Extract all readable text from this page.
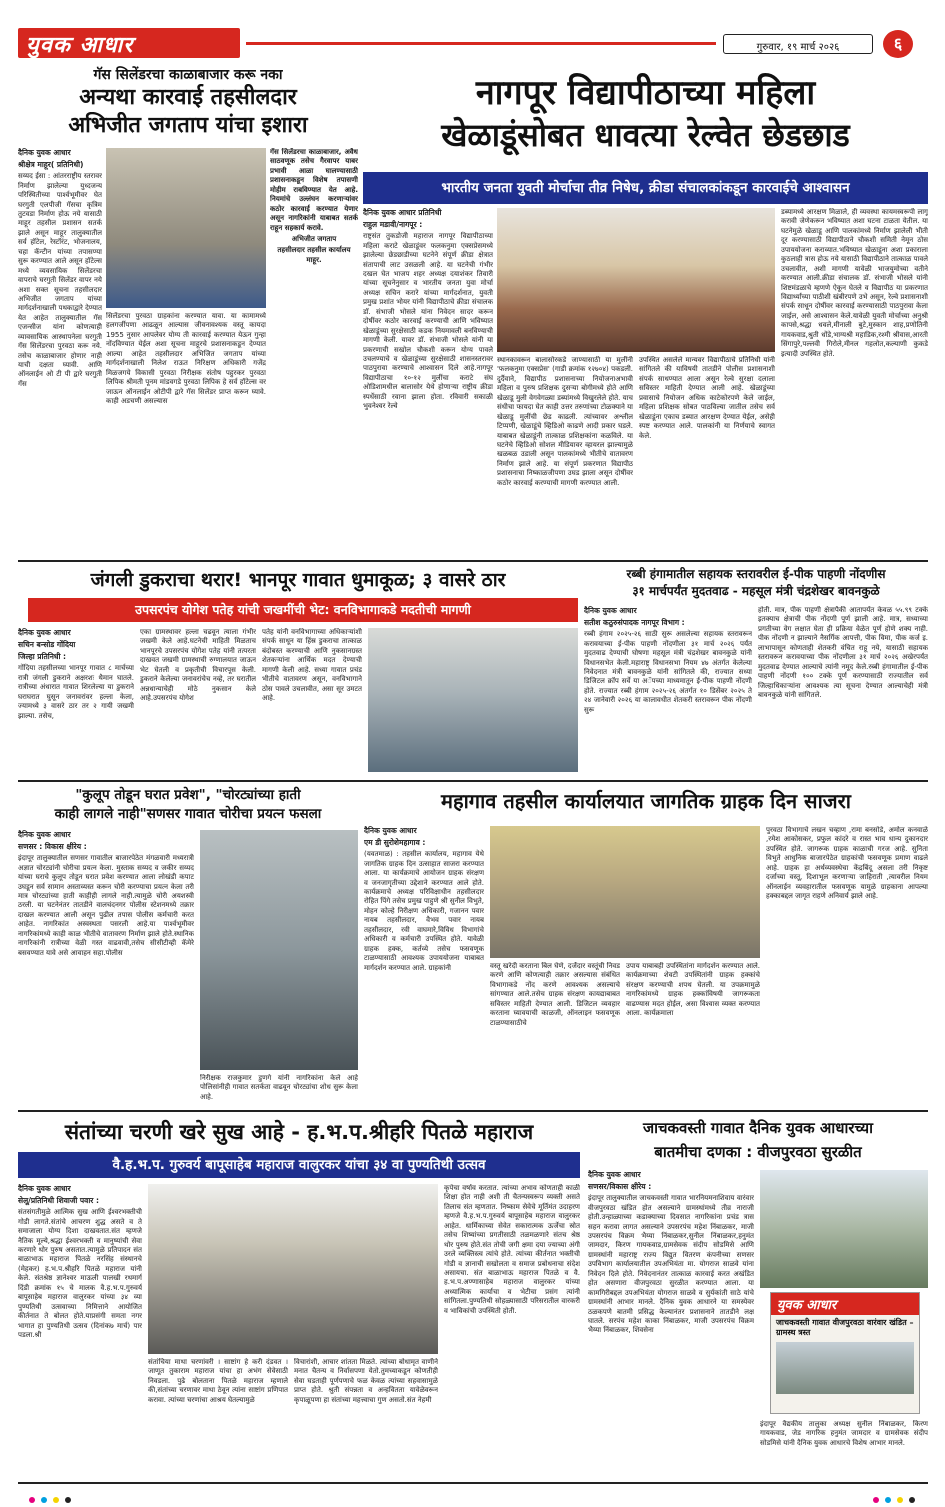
युवक आधार	गुरुवार, १९ मार्च २०२६	६
गॅस सिलेंडरचा काळाबाजार करू नका
अन्यथा कारवाई तहसीलदार
अभिजीत जगताप यांचा इशारा
दैनिक युवक आधार
श्रीक्षेत्र माहूर( प्रतिनिधी)

सय्यद ईसा : आंतरराष्ट्रीय स्तरावर निर्माण झालेल्या युध्दजन्य परिस्थितीच्या पार्श्वभूमीवर घेत घरगुती एलपीजी गॅसचा कृत्रिम तुटवडा निर्माण होऊ नये यासाठी माहूर तहसील प्रशासन सतर्क झाले असून माहूर तालुक्यातील सर्व हॉटेल, रेस्टॉरंट, भोजनालय, चहा कॅन्टीन यांच्या तपासण्या सुरू करण्यात आले असून हॉटेल्स मध्ये व्यवसायिक सिलेंडरचा वापराचे घरगुती सिलेंडर वापर नये अशा सक्त सूचना तहसीलदार अभिजीत जगताप यांच्या मार्गदर्शनाखाली पथकाद्वारे देण्यात येत आहेत तालुक्यातील गॅस एजन्सीज यांना कोणत्याही व्यावसायिक आस्थापनेला घरगुती गॅस सिलेंडरचा पुरवठा करू नये. तसेच काळाबाजार होणार नाही याची दक्षता घ्यावी. आणि ऑनलाईन ओ टी पी द्वारे घरगुती गॅस

सिलेंडरचा पुरवठा ग्राहकांना करण्यात यावा. या कामामध्ये हलगर्जीपणा आढळून आल्यास जीवनावश्यक वस्तू कायदा 1955 नुसार आपलेवर योग्य ती कारवाई करण्यात येऊन गुन्हा नोंदविण्यात येईल अशा सूचना माहूरचे प्रशासनाकडून देण्यात आल्या आहेत तहसीलदार अभिजित जगताप यांच्या मार्गदर्शनाखाली निलेश राऊत निरिक्षण अधिकारी गजेंद्र मिळजगये विकासी पुरवठा निरीक्षक संतोष पहुरकर पुरवठा लिपिक श्रीमती पूनम मांडवगडे पुरवठा लिपिक हे सर्व हॉटेल्स वर जाऊन ऑनलाईन ओटीपी द्वारे गॅस सिलेंडर प्राप्त करून घ्यावे. काही अडचणी असल्यास

गॅस सिलेंडरचा काळाबाजार, अवैध साठवणूक तसेच गैरवापर याबर प्रभावी आळा घालण्यासाठी प्रशासनाकडून विशेष तपासणी मोहीम राबविण्यात येत आहे. नियमांचे उल्लंघन करणाऱ्यांवर कठोर कारवाई करण्यात येणार असून नागरिकांनी याबाबत सतर्क राहून सहकार्य करावे.

अभिजीत जगताप

तहसीलदार तहसील कार्यालय माहूर.

नागपूर विद्यापीठाच्या महिला
खेळाडूंसोबत धावत्या रेल्वेत छेडछाड
भारतीय जनता युवती मोर्चाचा तीव्र निषेध, क्रीडा संचालकांकडून कारवाईचे आश्वासन
दैनिक युवक आधार प्रतिनिधी
राहुल मडावी/नागपूर :

राष्ट्रसंत तुकडोजी महाराज नागपूर विद्यापीठाच्या महिला कराटे खेळाडूंवर फलकनुमा एक्सप्रेसमध्ये झालेल्या छेडछाडीच्या घटनेने संपूर्ण क्रीडा क्षेत्रात संतापाची लाट उसळली आहे. या घटनेची गंभीर दखल घेत भाजप शहर अध्यक्ष दयाशंकर तिवारी यांच्या सूचनेनुसार व भारतीय जनता युवा मोर्चा अध्यक्ष सचिन करारे यांच्या मार्गदर्शनात, युवती प्रमुख प्रशांत भोयर यांनी विद्यापीठाचे क्रीडा संचालक डॉ. संभाजी भोसले यांना निवेदन सादर करून दोषींवर कठोर कारवाई करण्याची आणि भविष्यात खेळाडूंच्या सुरक्षेसाठी कडक नियमावली बनविण्याची मागणी केली. यावर डॉ. संभाजी भोसले यांनी या प्रकरणाची सखोल चौकशी करून योग्य पावले उचलण्याचे व खेळाडूंच्या सुरक्षेसाठी शासनस्तरावर पाठपुरावा करण्याचे आश्वासन दिले आहे.नागपूर विद्यापीठाचा १०-१२ मुलींचा कराटे संघ ओडिशामधील बालासोर येथे होणाऱ्या राष्ट्रीय क्रीडा स्पर्धेसाठी रवाना झाला होता. रविवारी सकाळी भुवनेश्वर रेल्वे

स्थानकावरून बालासोरकडे जाण्यासाठी या मुलींनी 'फलकनुमा एक्सप्रेस' (गाडी क्रमांक १२७०४) पकडली. दुर्दैवाने, विद्यापीठ प्रशासनाच्या नियोजनाअभावी महिला व पुरुष प्रशिक्षक दुसऱ्या बोगीमध्ये होते आणि खेळाडू मुली वेगवेगळ्या डब्यांमध्ये विखुरलेले होते. याच संधीचा फायदा घेत काही उत्तर तरुणांच्या टोळक्याने या खेळाडू मुलींची छेड काढली. त्यांच्यावर अश्लील टिप्पणी, खेळाडूंचे व्हिडिओ काढणे आदी प्रकार घडले. याबाबत खेळाडूंनी तात्काळ प्रशिक्षकांना कळविले. या घटनेचे व्हिडिओ सोशल मीडियावर व्हायरल झाल्यामुळे खळबळ उडाली असून पालकांमध्ये भीतीचे वातावरण निर्माण झाले आहे. या संपूर्ण प्रकरणात विद्यापीठ प्रशासनाचा निष्काळजीपणा उघड झाला असून दोषींवर कठोर कारवाई करण्याची मागणी करण्यात आली.

उपस्थित असलेले मान्यवर विद्यापीठाचे प्रतिनिधी यांनी सांगितले की याविषयी तातडीने पोलीस प्रशासनाशी संपर्क साधण्यात आला असून रेल्वे सुरक्षा दलाला सविस्तर माहिती देण्यात आली आहे. खेळाडूंच्या प्रवासाचे नियोजन अधिक काटेकोरपणे केले जाईल, महिला प्रशिक्षक सोबत पाठविल्या जातील तसेच सर्व खेळाडूंना एकाच डब्यात आरक्षण देण्यात येईल, असेही स्पष्ट करण्यात आले. पालकांनी या निर्णयाचे स्वागत केले.

डब्यामध्ये आरक्षण मिळाले, ही व्यवस्था कायमस्वरूपी लागू करावी जेणेकरून भविष्यात अशा घटना टाळता येतील. या घटनेमुळे खेळाडू आणि पालकांमध्ये निर्माण झालेली भीती दूर करण्यासाठी विद्यापीठाने चौकशी समिती नेमून ठोस उपाययोजना कराव्यात.भविष्यात खेळाडूंना अशा प्रकाराला कुठलाही त्रास होऊ नये यासाठी विद्यापीठाने तात्काळ पावले उचलावीत, अशी मागणी यावेळी भाजयुमोच्या वतीने करण्यात आली.क्रीडा संचालक डॉ. संभाजी भोसले यांनी शिष्टमंडळाचे म्हणणे ऐकून घेतले व विद्यापीठ या प्रकरणात विद्यार्थ्यांच्या पाठीशी खंबीरपणे उभे असून, रेल्वे प्रशासनाशी संपर्क साधून दोषींवर कारवाई करण्यासाठी पाठपुरावा केला जाईल, असे आश्वासन केले.यावेळी युवती मोर्चाच्या अनुश्री कापसे,श्रद्धा धवले,मीनाली बुटे,मुस्कान शाह,प्रणोतिनी गायकवाड,श्रुती धोंडे,भाग्यश्री महाडिक,रश्मी श्रीवास,आरती सिंगापुरे,पल्लवी गिरोले,मीनल गहलोत,कल्याणी कुकडे इत्यादी उपस्थित होते.

जंगली डुकराचा थरार! भानपूर गावात धुमाकूळ; ३ वासरे ठार
उपसरपंच योगेश पतेह यांची जखमींची भेट: वनविभागाकडे मदतीची मागणी
दैनिक युवक आधार
सचिन बन्सोड गोंदिया
जिल्हा प्रतिनिधी :

गोंदिया तहसीलच्या भानपूर गावात ८ मार्चच्या रात्री जंगली डुकराने अक्षरशः थैमान घातले. रात्रीच्या अंधारात गावात शिरलेल्या या डुकराने घराघरात घुसून जनावरांवर हल्ला केला, ज्यामध्ये ३ वासरे ठार तर २ गायी जखमी झाल्या. तसेच,

एका ग्रामस्थावर हल्ला चढवून त्याला गंभीर जखमी केले आहे.घटनेची माहिती मिळताच भानपूरचे उपसरपंच योगेश पतेह यांनी तत्परता दाखवत जखमी ग्रामस्थाची रुग्णालयात जाऊन भेट घेतली व प्रकृतीची विचारपूस केली. डुकराने केलेल्या जनावरांचेच नव्हे, तर घरातील अन्नधान्याचेही मोठे नुकसान केले आहे.उपसरपंच योगेश

पतेह यांनी वनविभागाच्या अधिकाऱ्यांशी संपर्क साधून या हिंस्र डुकराचा तात्काळ बंदोबस्त करण्याची आणि नुकसानग्रस्त शेतकऱ्यांना आर्थिक मदत देण्याची मागणी केली आहे. सध्या गावात प्रचंड भीतीचे वातावरण असून, वनविभागाने ठोस पावले उचलावीत, असा सूर उमटत आहे.

रब्बी हंगामातील सहायक स्तरावरील ई-पीक पाहणी नोंदणीस
३१ मार्चपर्यंत मुदतवाढ - महसूल मंत्री चंद्रशेखर बावनकुळे
दैनिक युवक आधार
सतीश कठुरुसंपादक नागपूर विभाग :

रब्बी हंगाम २०२५-२६ साठी सुरू असलेल्या सहायक स्तरावरून करावयाच्या ई-पीक पाहणी नोंदणीला ३१ मार्च २०२६ पर्यंत मुदतवाढ देण्याची घोषणा महसूल मंत्री चंद्रशेखर बावनकुळे यांनी विधानसभेत केली.महाराष्ट्र विधानसभा नियम ४७ अंतर्गत केलेल्या निवेदनात मंत्री बावनकुळे यांनी सांगितले की, राज्यात सध्या डिजिटल क्रॉप सर्वे या अॅपच्या माध्यमातून ई-पीक पाहणी नोंदणी होते. राज्यात रब्बी हंगाम २०२५-२६ अंतर्गत १० डिसेंबर २०२५ ते २४ जानेवारी २०२६ या कालावधीत शेतकरी स्तरावरून पीक नोंदणी सुरू

होती. मात्र, पीक पाहणी क्षेत्रापैकी आतापर्यंत केवळ ५५.९९ टक्के इतक्याच क्षेत्राची पीक नोंदणी पूर्ण झाली आहे. मात्र, सध्याच्या प्रगतीच्या वेग लक्षात घेता ही प्रक्रिया वेळेत पूर्ण होणे शक्य नाही. पीक नोंदणी न झाल्याने नैसर्गिक आपत्ती, पीक विमा, पीक कर्ज इ. लाभापासून कोणताही शेतकरी वंचित राहू नये, यासाठी सहायक स्तरावरून करावयाच्या पीक नोंदणीला ३१ मार्च २०२६ अखेरपर्यंत मुदतवाढ देण्यात आल्याचे त्यांनी नमूद केले.रब्बी हंगामातील ई-पीक पाहणी नोंदणी १०० टक्के पूर्ण करण्यासाठी राज्यातील सर्व जिल्हाधिकाऱ्यांना आवश्यक त्या सूचना देण्यात आल्याचेही मंत्री बावनकुळे यांनी सांगितले.

"कुलूप तोडून घरात प्रवेश", "चोरट्यांच्या हाती
काही लागले नाही"सणसर गावात चोरीचा प्रयत्न फसला
दैनिक युवक आधार
सणसर : विकास क्षीरेय :

इंदापूर तालुक्यातील सणसर गावातील बाजारपेठेत मंगळवारी मध्यरात्री अज्ञात चोरट्यांनी चोरीचा प्रयत्न केला. मुस्ताक सय्यद व जकीर सय्यद यांच्या घराचे कुलूप तोडून घरात प्रवेश करण्यात आला लोखंडी कपाट उघडून सर्व सामान अस्ताव्यस्त करून चोरी करण्याचा प्रयत्न केला तरी मात्र चोरट्यांच्या हाती काहीही लागले नाही.त्यामुळे चोरी अयशस्वी ठरली. या घटनेनंतर तातडीने वालचंदनगर पोलीस स्टेशनमध्ये तक्रार दाखल करण्यात आली असून पुढील तपास पोलीस कर्मचारी करत आहेत. नागरिकांत अस्वस्थता पसरली आहे.या पार्श्वभूमीवर नागरिकांमध्ये काही काळ भीतीचे वातावरण निर्माण झाले होते.स्थानिक नागरिकांनी रात्रीच्या वेळी गस्त वाढवावी,तसेच सीसीटीव्ही कॅमेरे बसवण्यात यावे असे आवाहन सहा.पोलीस

निरीक्षक राजकुमार डुणगे यांनी नागरिकांना केले आहे पोलिसांनीही गावात सतर्कता वाढवून चोरट्यांचा शोध सुरू केला आहे.

महागाव तहसील कार्यालयात जागतिक ग्राहक दिन साजरा
दैनिक युवक आधार
एम डी सुरोशेमहागाव :

(यवतमाळ) : तहसील कार्यालय, महागाव येथे जागतिक ग्राहक दिन उत्साहात साजरा करण्यात आला. या कार्यक्रमाचे आयोजन ग्राहक संरक्षण व जनजागृतीच्या उद्देशाने करण्यात आले होते. कार्यक्रमाचे अध्यक्ष परिविक्षाधीन तहसीलदार रोहित पिंगे तसेच प्रमुख पाहुणे श्री सुनील विभुते, मोहन कोल्हे निरीक्षण अधिकारी, गजानन पवार नायब तहसीलदार, वैभव पवार नायब तहसीलदार, रवी वाघमारे,विविध विभागांचे अधिकारी व कर्मचारी उपस्थित होते. यावेळी ग्राहक हक्क, कर्तव्ये तसेच फसवणूक टाळण्यासाठी आवश्यक उपाययोजना याबाबत मार्गदर्शन करण्यात आले. ग्राहकांनी	वस्तू खरेदी करताना बिल घेणे, दर्जेदार वस्तूंची निवड करणे आणि कोणत्याही तक्रार असल्यास संबंधित विभागाकडे नोंद करणे आवश्यक असल्याचे सांगण्यात आले.तसेच ग्राहक संरक्षण कायद्याबाबत सविस्तर माहिती देण्यात आली. डिजिटल व्यवहार करताना घ्यावयाची काळजी, ऑनलाइन फसवणूक टाळण्यासाठीचे

उपाय याबाबही उपस्थितांना मार्गदर्शन करण्यात आले. कार्यक्रमाच्या शेवटी उपस्थितांनी ग्राहक हक्कांचे संरक्षण करण्याची शपथ घेतली. या उपक्रमामुळे नागरिकांमध्ये ग्राहक हक्कांविषयी जागरूकता वाढण्यास मदत होईल, असा विश्वास व्यक्त करण्यात आला. कार्यक्रमाला

पुरवठा विभागाचे लखन चव्हाण ,रामा बनसोडे, अमोल कनवाळे ,रमेश आकोसकर, प्रफुल कांदरे व रास्त भाव धान्य दुकानदार उपस्थित होते. जागरूक ग्राहक काळाची गरज आहे. सुनिता विभुते आधुनिक बाजारपेठेत ग्राहकांची फसवणूक प्रमाण वाढले आहे. ग्राहक हा अर्थव्यवस्थेचा केंद्रबिंदू असला तरी निकृष्ट दर्जाच्या वस्तू, दिशाभूल करणाऱ्या जाहिराती ,त्यावरील नियम ऑनलाईन व्यवहारातील फसवणूक यामुळे ग्राहकाना आपल्या हक्काबद्दल जागृत राहणे अनिवार्य झाले आहे.

संतांच्या चरणी खरे सुख आहे - ह.भ.प.श्रीहरि पितळे महाराज
वै.ह.भ.प. गुरुवर्य बापूसाहेब महाराज वालुरकर यांचा ३४ वा पुण्यतिथी उत्सव
दैनिक युवक आधार
सेलू/प्रतिनिधी शिवाजी पवार :

संतसंगतीमुळे आत्मिक सुख आणि ईश्वरभक्तीची गोडी लागते.संतांचे आचरण शुद्ध असते व ते समाजाला योग्य दिशा दाखवतात.संत म्हणजे नैतिक मूल्ये,श्रद्धा ईश्वरभक्ती व मानुष्यांची सेवा करणारे थोर पुरुष असतात.त्यामुळे प्रतिपादन संत बाळाभाऊ महाराज पितळे नरसिंह संस्थानचे (मेहकर) ह.भ.प.श्रीहरि पितळे महाराज यांनी केले. संतश्रेष्ठ ज्ञानेश्वर माऊली पालखी रथमार्ग दिंडी क्रमांक १५ चे मालक वै.ह.भ.प.गुरुवर्य बापूसाहेब महाराज वालुरकर यांच्या ३४ व्या पुण्यतिथी उत्सवाच्या निमित्ताने आयोजित कीर्तनात ते बोलत होते.याप्रसंगी समता नगर भागात हा पुण्यतिथी उत्सव (दिनांक७ मार्च) पार पडला.श्री

संतांचिया माथा चरणांवरी । साष्टांग हे करी दंडवत । जाणूत तुकाराम महाराज यांचा हा अभंग सेवेसाठी निवडला. पुढे बोलताना पितळे महाराज म्हणाले की,संतांच्या चरणावर माथा ठेवून त्यांना साष्टांग प्रणिपात करावा. त्यांच्या चरणांचा आश्रय घेतल्यामुळे

विचारांशी, आचार शांतता मिळते. त्यांच्या बोधामृत वाणीने मनात चैतन्य व निर्वासपणा येतो.तुमच्याकडून कोणतीही सेवा घडताही पूर्णपणाचे फळ केवळ त्यांच्या सहवासामुळे प्राप्त होते. श्रुती संपन्नता व अन्हवितता यावेळेवरून कृपाळूपणा हा संतांच्या महत्त्वाचा गुण असतो.संत नेहमी

कृपेचा वर्षाव करतात. त्यांच्या अभाव कोणताही काळी शिक्षा होत नाही अशी ती चैतन्यस्वरूप व्यक्ती असते तिलाच संत म्हणतात. निष्काम सेवेचे मूर्तिमंत उदाहरण म्हणजे वै.ह.भ.प.गुरुवर्य बापूसाहेब महाराज वालुरकर आहेत. धार्मिकाच्या सेवेत सकारात्मक ऊर्जेचा स्रोत तसेच शिष्यांच्या प्रगतीसाठी तळमळणारे संतच श्रेष्ठ थोर पुरुष होते.संत तोची जगी क्षमा दया ज्याच्या अंगी उरले व्यक्तिस्त्व त्यांचे होते. त्यांच्या कीर्तनात भक्तीची गोडी व ज्ञानाची सखोलता व समाज प्रबोधनाचा संदेश असायचा. संत बाळाभाऊ महाराज पितळे व वै. ह.भ.प.अण्णासाहेब महाराज वालुरकर यांच्या अध्यात्मिक कार्याचा व भेटीचा प्रसंग त्यांनी सांगितला.पुण्यतिथी सोहळ्यासाठी परिसरातील वारकरी व भाविकांची उपस्थिती होती.

जाचकवस्ती गावात दैनिक युवक आधारच्या
बातमीचा दणका : वीजपुरवठा सुरळीत
दैनिक युवक आधार
सणसर/विकास क्षीरेय :

इंदापूर तालुक्यातील जाचकवस्ती गावात भारनियमनाशिवाय वारंवार वीजपुरवठा खंडित होत असल्याने ग्रामस्थांमध्ये तीव्र नाराजी होती.उन्हाळ्याच्या कडाक्याच्या दिवसात नागरिकांना प्रचंड त्रास सहन करावा लागत असल्याने उपसरपंच महेश निंबाळकर, माजी उपसरपंच विक्रम भैय्या निंबाळकर,सुनील निंबाळकर,हनुमंत जामदार, किरण गायकवाड,ग्रामसेवक संदीप सोडमिसे आणि ग्रामस्थांनी महाराष्ट्र राज्य विद्युत वितरण कंपनीच्या सणसर उपविभाग कार्यालयातील उपअभियंता मा. योगराज साळवे यांना निवेदन दिले होते. निवेदनानंतर तात्काळ कारवाई करत अखंडित होत असणारा वीजपुरवठा सुरळीत करण्यात आला. या कामगिरीबद्दल उपअभियंता योगराज साळवे व सुर्यकांती साठे यांचे ग्रामस्थांनी आभार मानले. दैनिक युवक आधारने या समस्येवर ठळकपणे बातमी प्रसिद्ध केल्यानंतर प्रशासनाने तातडीने लक्ष घातले. सरपंच महेश काका निंबाळकर, माजी उपसरपंच विक्रम भैय्या निंबाळकर, शिवसेना

युवक आधार
जाचकवस्ती गावात वीजपुरवठा वारंवार खंडित – ग्रामस्थ त्रस्त

इंदापूर वैद्यकीय तालुका अध्यक्ष सुनील निंबाळकर, किरण गायकवाड, जेड नागरिक हनुमंत जामदार व ग्रामसेवक संदीप सोडमिसे यांनी दैनिक युवक आधारचे विशेष आभार मानले.
